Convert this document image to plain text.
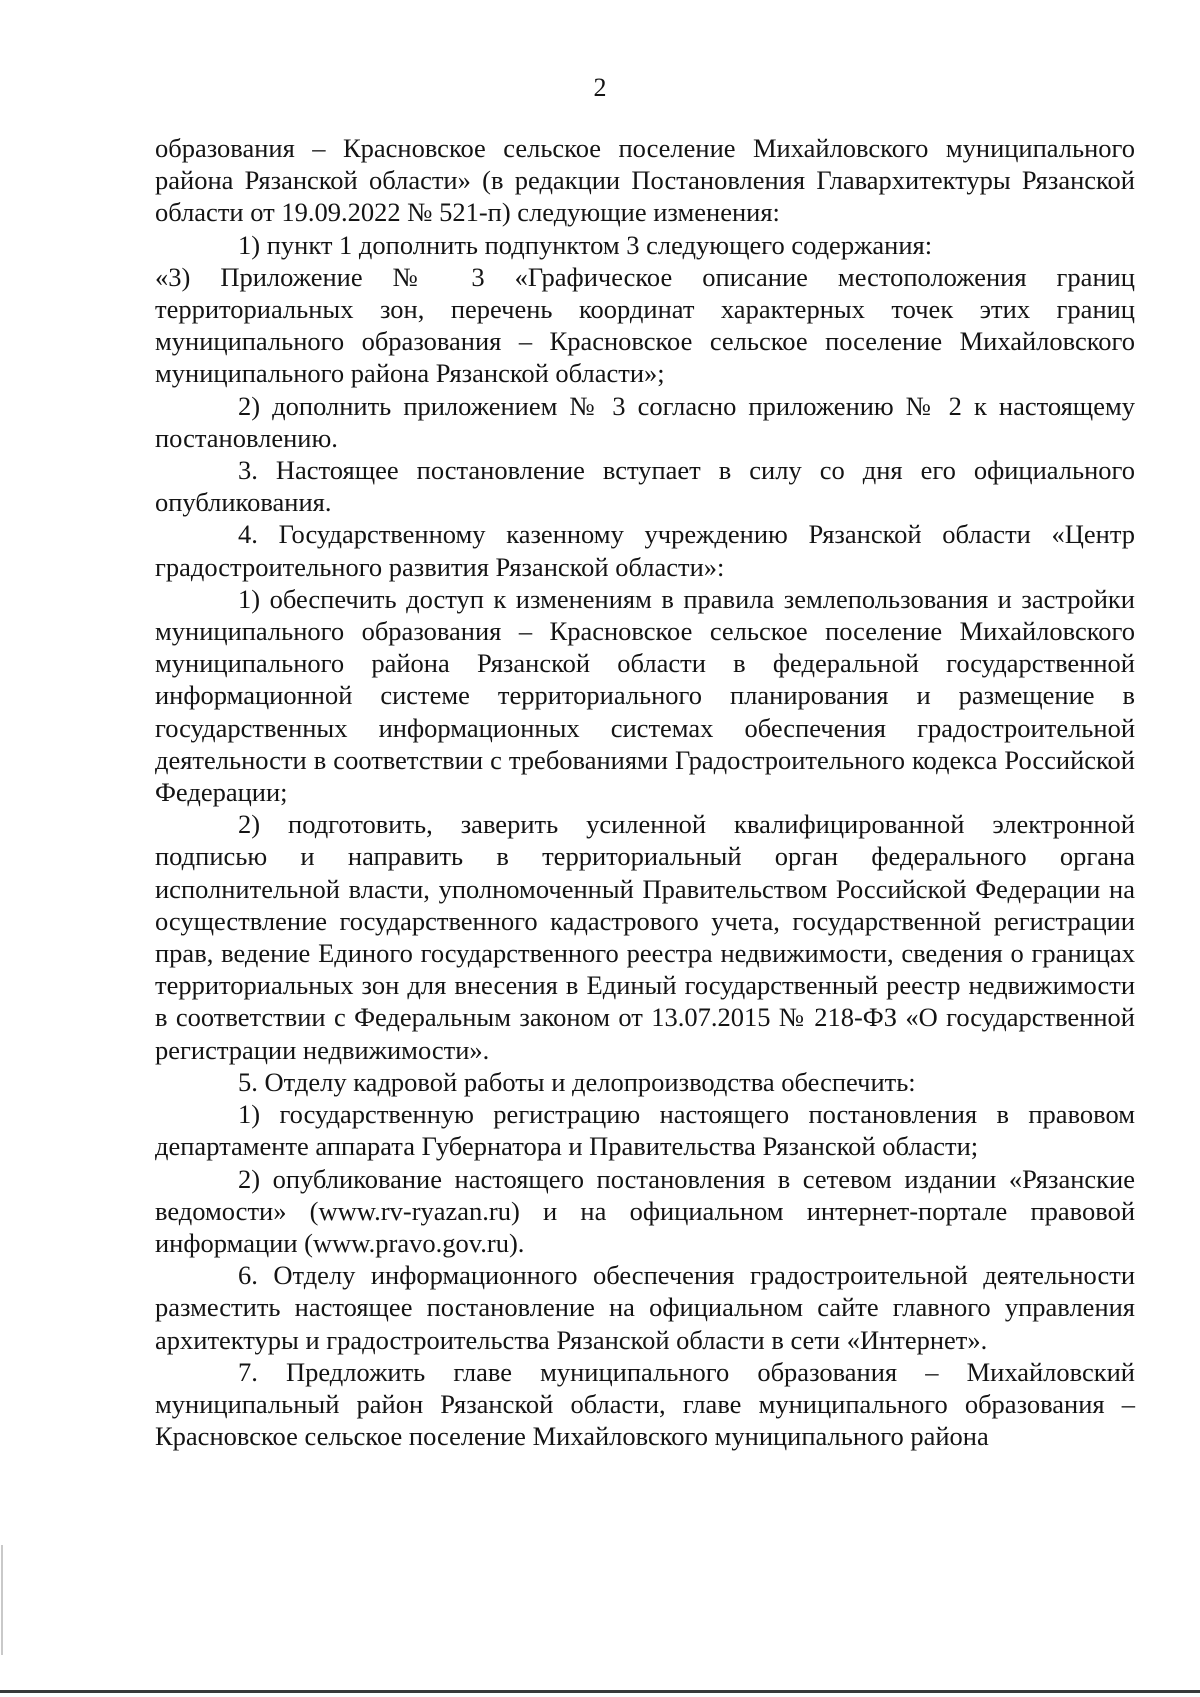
2

образования – Красновское сельское поселение Михайловского муниципального района Рязанской области» (в редакции Постановления Главархитектуры Рязанской области от 19.09.2022 № 521-п) следующие изменения:

1) пункт 1 дополнить подпунктом 3 следующего содержания:

«3) Приложение № 3 «Графическое описание местоположения границ территориальных зон, перечень координат характерных точек этих границ муниципального образования – Красновское сельское поселение Михайловского муниципального района Рязанской области»;

2) дополнить приложением № 3 согласно приложению № 2 к настоящему постановлению.

3. Настоящее постановление вступает в силу со дня его официального опубликования.

4. Государственному казенному учреждению Рязанской области «Центр градостроительного развития Рязанской области»:

1) обеспечить доступ к изменениям в правила землепользования и застройки муниципального образования – Красновское сельское поселение Михайловского муниципального района Рязанской области в федеральной государственной информационной системе территориального планирования и размещение в государственных информационных системах обеспечения градостроительной деятельности в соответствии с требованиями Градостроительного кодекса Российской Федерации;

2) подготовить, заверить усиленной квалифицированной электронной подписью и направить в территориальный орган федерального органа исполнительной власти, уполномоченный Правительством Российской Федерации на осуществление государственного кадастрового учета, государственной регистрации прав, ведение Единого государственного реестра недвижимости, сведения о границах территориальных зон для внесения в Единый государственный реестр недвижимости в соответствии с Федеральным законом от 13.07.2015 № 218-ФЗ «О государственной регистрации недвижимости».

5. Отделу кадровой работы и делопроизводства обеспечить:

1) государственную регистрацию настоящего постановления в правовом департаменте аппарата Губернатора и Правительства Рязанской области;

2) опубликование настоящего постановления в сетевом издании «Рязанские ведомости» (www.rv-ryazan.ru) и на официальном интернет-портале правовой информации (www.pravo.gov.ru).

6. Отделу информационного обеспечения градостроительной деятельности разместить настоящее постановление на официальном сайте главного управления архитектуры и градостроительства Рязанской области в сети «Интернет».

7. Предложить главе муниципального образования – Михайловский муниципальный район Рязанской области, главе муниципального образования – Красновское сельское поселение Михайловского муниципального района
